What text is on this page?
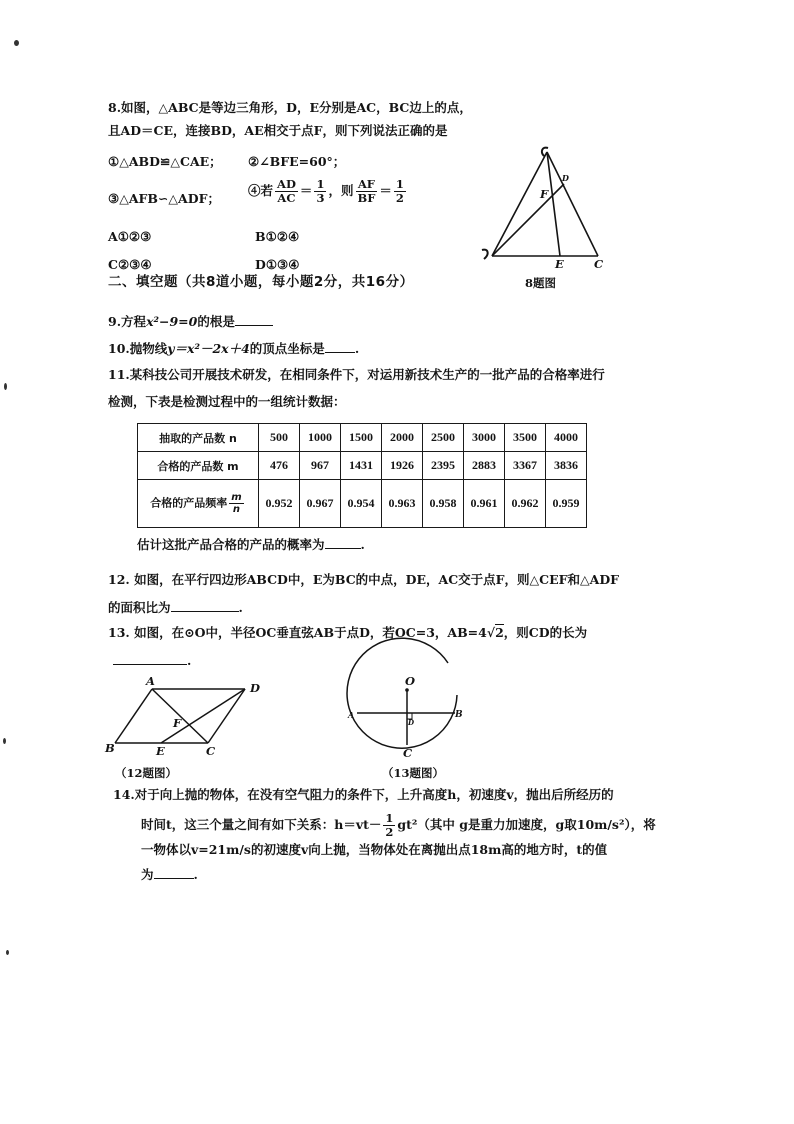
8.如图，△ABC是等边三角形，D，E分别是AC，BC边上的点，
且AD＝CE，连接BD，AE相交于点F，则下列说法正确的是
①△ABD≌△CAE； ②∠BFE=60°；
③△AFB∽△ADF；
④若 $\frac{AD}{AC} = \frac{1}{3}$ ，则 $\frac{AF}{BF} = \frac{1}{2}$
A①②③	B①②④
C②③④	D①③④	E	C
F
D
8题图
二、填空题（共8道小题，每小题2分，共16分）
9.方程x²−9=0的根是
10.抛物线y＝x²－2x＋4的顶点坐标是 .
11.某科技公司开展技术研发，在相同条件下，对运用新技术生产的一批产品的合格率进行
检测，下表是检测过程中的一组统计数据：
抽取的产品数 n	500	1000	1500	2000	2500	3000	3500	4000
合格的产品数 m	476	967	1431	1926	2395	2883	3367	3836
合格的产品频率 $\frac{m}{n}$	0.952	0.967	0.954	0.963	0.958	0.961	0.962	0.959
估计这批产品合格的产品的概率为	.
12. 如图，在平行四边形ABCD中，E为BC的中点，DE，AC交于点F，则△CEF和△ADF
的面积比为	.
13. 如图，在⊙O中，半径OC垂直弦AB于点D，若OC=3，AB=4√2，则CD的长为
.
A	D
B	E	C
F
（12题图）
O
A	B
C
D
（13题图）
14.对于向上抛的物体，在没有空气阻力的条件下，上升高度h，初速度v，抛出后所经历的
时间t，这三个量之间有如下关系：$h=vt- \frac{1}{2} gt^2$（其中 g是重力加速度，g取10m/s²），将
一物体以v=21m/s的初速度v向上抛，当物体处在离抛出点18m高的地方时，t的值
为	.
